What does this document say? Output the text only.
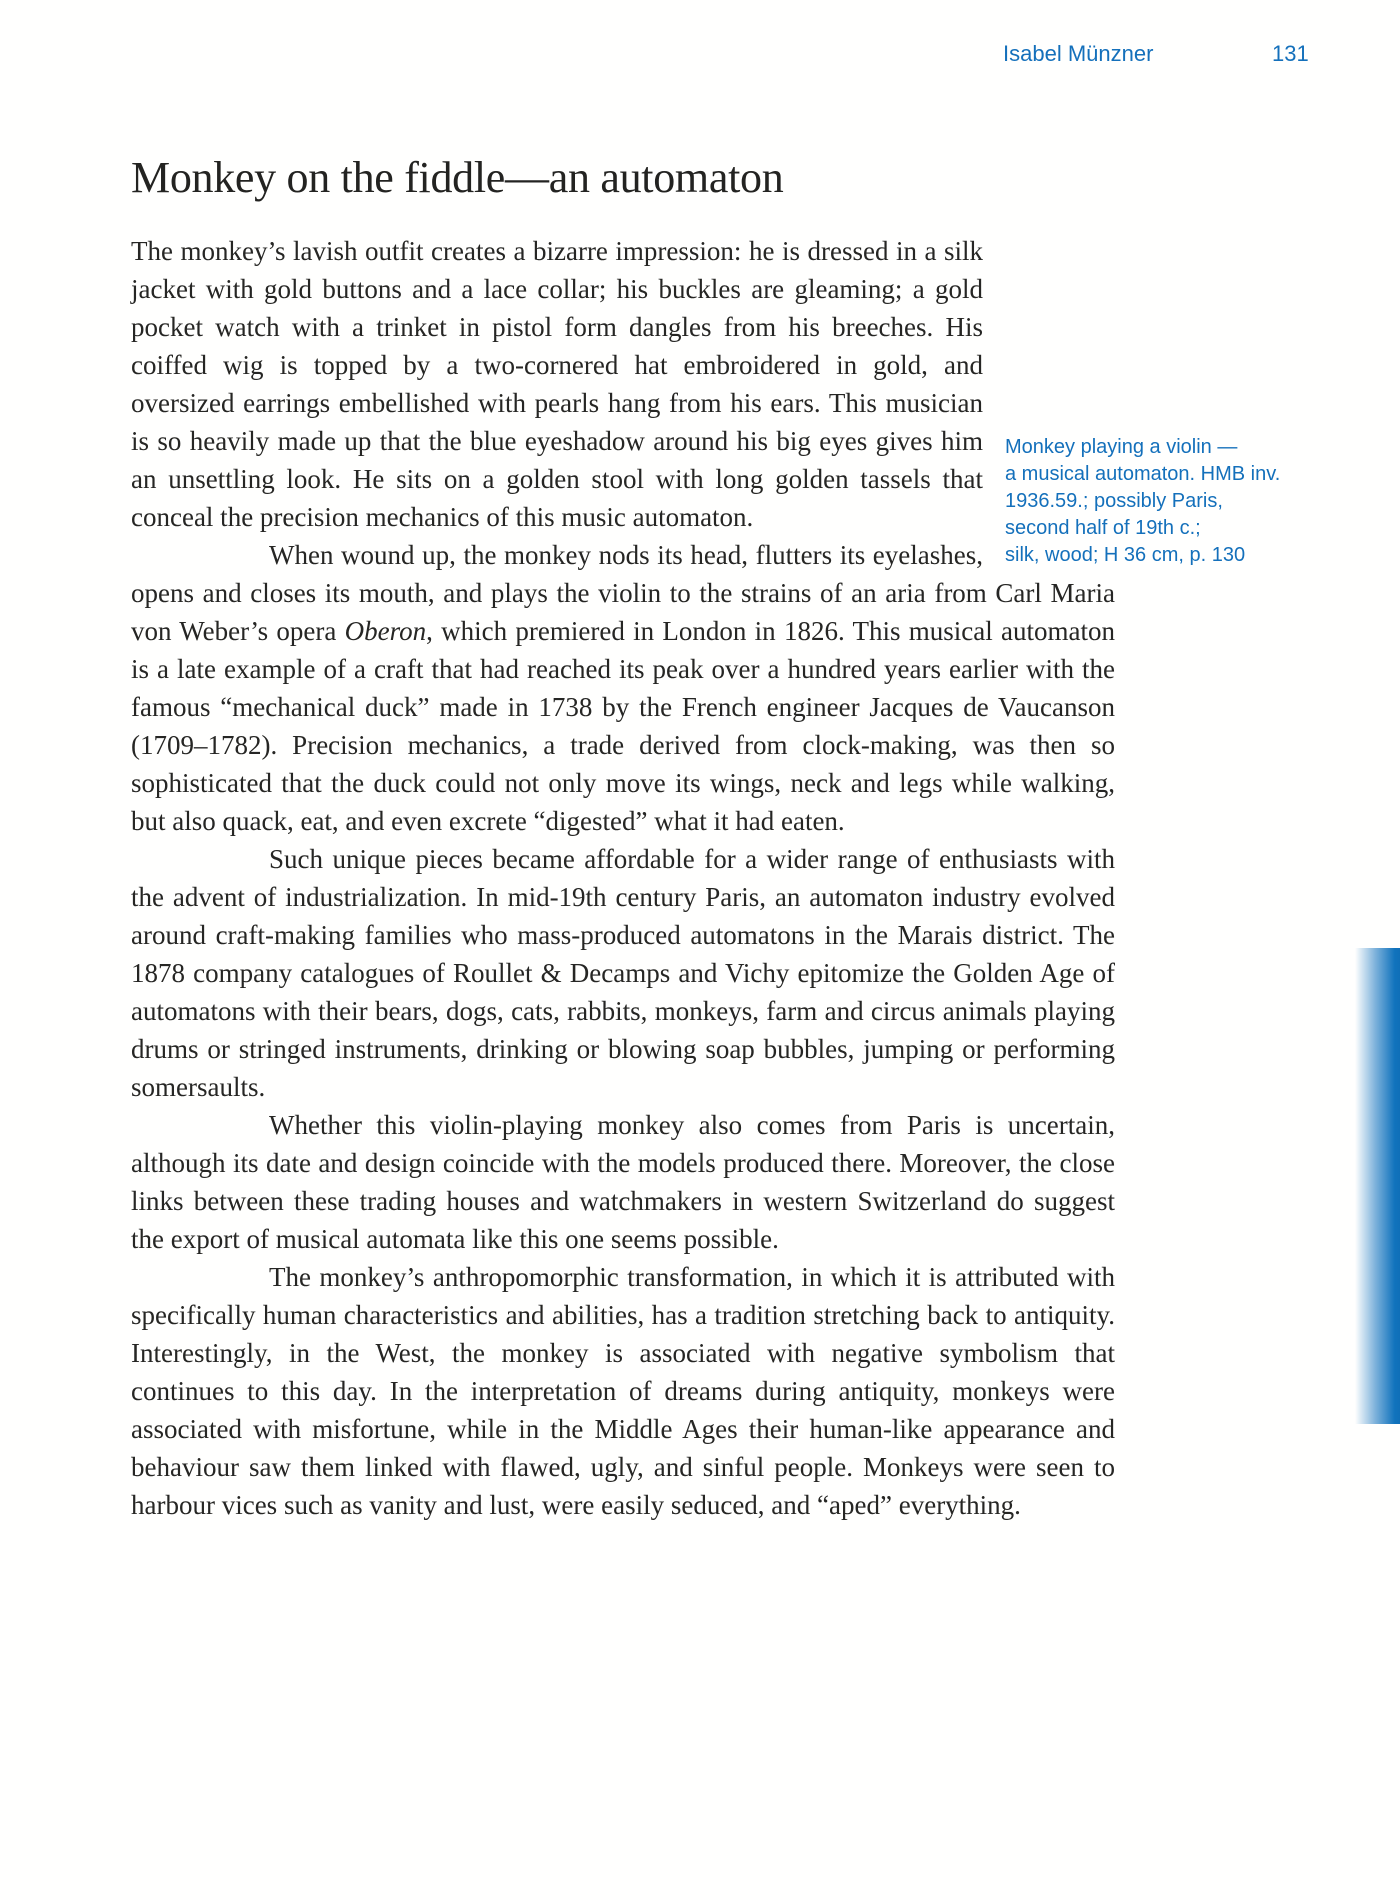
Isabel Münzner	131
Monkey on the fiddle—an automaton

The monkey’s lavish outfit creates a bizarre impression: he is dressed in a silk jacket with gold buttons and a lace collar; his buckles are gleaming; a gold pocket watch with a trinket in pistol form dangles from his breeches. His coiffed wig is topped by a two-cornered hat embroidered in gold, and oversized earrings embellished with pearls hang from his ears. This musician is so heavily made up that the blue eyeshadow around his big eyes gives him an unsettling look. He sits on a golden stool with long golden tassels that conceal the precision mechanics of this music automaton.

When wound up, the monkey nods its head, flutters its eyelashes, opens and closes its mouth, and plays the violin to the strains of an aria from Carl Maria von Weber’s opera Oberon, which premiered in London in 1826. This musical automaton is a late example of a craft that had reached its peak over a hundred years earlier with the famous “mechanical duck” made in 1738 by the French engineer Jacques de Vaucanson (1709–1782). Precision mechanics, a trade derived from clock-making, was then so sophisticated that the duck could not only move its wings, neck and legs while walking, but also quack, eat, and even excrete “digested” what it had eaten.

Such unique pieces became affordable for a wider range of enthusiasts with the advent of industrialization. In mid-19th century Paris, an automaton industry evolved around craft-making families who mass-produced automatons in the Marais district. The 1878 company catalogues of Roullet & Decamps and Vichy epitomize the Golden Age of automatons with their bears, dogs, cats, rabbits, monkeys, farm and circus animals playing drums or stringed instruments, drinking or blowing soap bubbles, jumping or performing somersaults.

Whether this violin-playing monkey also comes from Paris is uncertain, although its date and design coincide with the models produced there. Moreover, the close links between these trading houses and watchmakers in western Switzerland do suggest the export of musical automata like this one seems possible.

The monkey’s anthropomorphic transformation, in which it is attributed with specifically human characteristics and abilities, has a tradition stretching back to antiquity. Interestingly, in the West, the monkey is associated with negative symbolism that continues to this day. In the interpretation of dreams during antiquity, monkeys were associated with misfortune, while in the Middle Ages their human-like appearance and behaviour saw them linked with flawed, ugly, and sinful people. Monkeys were seen to harbour vices such as vanity and lust, were easily seduced, and “aped” everything.

Monkey playing a violin —
a musical automaton. HMB inv.
1936.59.; possibly Paris,
second half of 19th c.;
silk, wood; H 36 cm, p. 130
